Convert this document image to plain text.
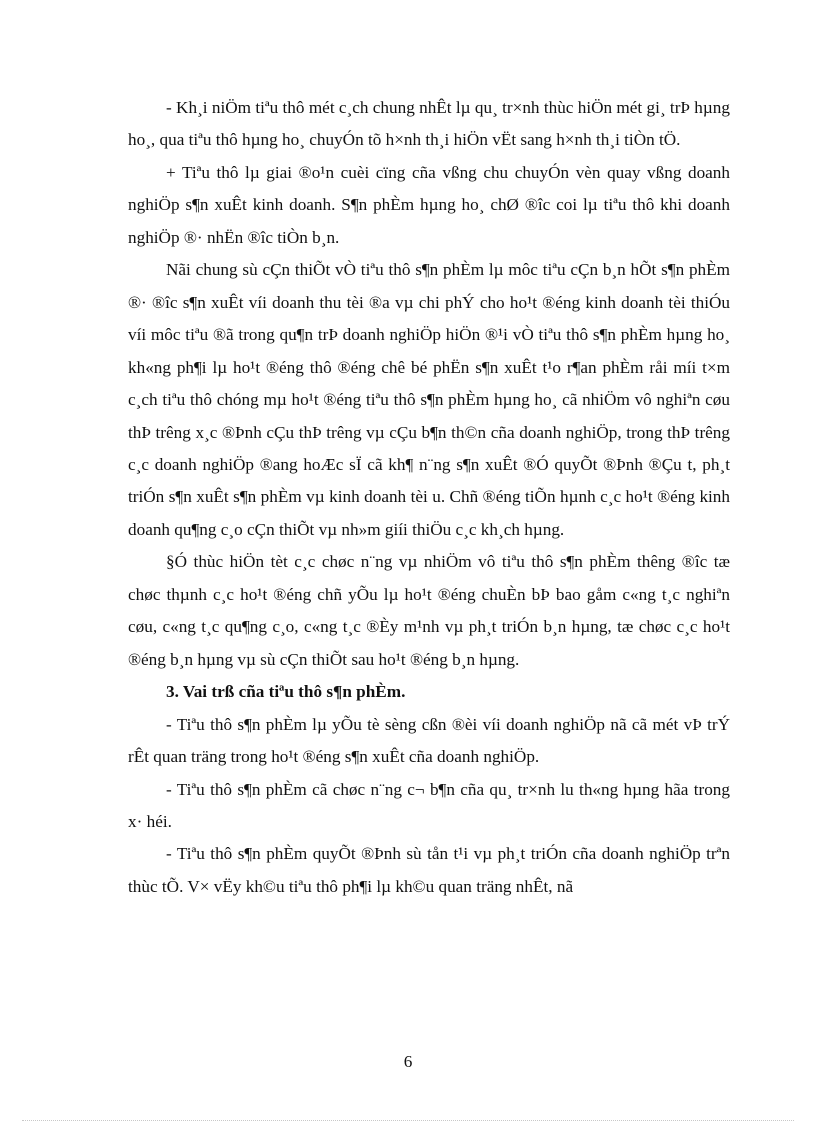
- Kh¸i niÖm tiªu thô mét c¸ch chung nhÊt lµ qu¸ tr×nh thùc hiÖn mét gi¸ trÞ hµng ho¸, qua tiªu thô hµng ho¸ chuyÓn tõ h×nh th¸i hiÖn vËt sang h×nh th¸i tiÒn tÖ.

+ Tiªu thô lµ giai ®o¹n cuèi cïng cña vßng chu chuyÓn vèn quay vßng doanh nghiÖp s¶n xuÊt kinh doanh. S¶n phÈm hµng ho¸ chØ ®îc coi lµ tiªu thô khi doanh nghiÖp ®· nhËn ®îc tiÒn b¸n.

Nãi chung sù cÇn thiÕt vÒ tiªu thô s¶n phÈm lµ môc tiªu cÇn b¸n hÕt s¶n phÈm ®· ®îc s¶n xuÊt víi doanh thu tèi ®a vµ chi phÝ cho ho¹t ®éng kinh doanh tèi thiÓu víi môc tiªu ®ã trong qu¶n trÞ doanh nghiÖp hiÖn ®¹i vÒ tiªu thô s¶n phÈm hµng ho¸ kh«ng ph¶i lµ ho¹t ®éng thô ®éng chê bé phËn s¶n xuÊt t¹o r¶an phÈm råi míi t×m c¸ch tiªu thô chóng mµ ho¹t ®éng tiªu thô s¶n phÈm hµng ho¸ cã nhiÖm vô nghiªn cøu thÞ trêng x¸c ®Þnh cÇu thÞ trêng vµ cÇu b¶n th©n cña doanh nghiÖp, trong thÞ trêng c¸c doanh nghiÖp ®ang hoÆc sÏ cã kh¶ n¨ng s¶n xuÊt ®Ó quyÕt ®Þnh ®Çu t, ph¸t triÓn s¶n xuÊt s¶n phÈm vµ kinh doanh tèi u. Chñ ®éng tiÕn hµnh c¸c ho¹t ®éng kinh doanh qu¶ng c¸o cÇn thiÕt vµ nh»m giíi thiÖu c¸c kh¸ch hµng.

§Ó thùc hiÖn tèt c¸c chøc n¨ng vµ nhiÖm vô tiªu thô s¶n phÈm thêng ®îc tæ chøc thµnh c¸c ho¹t ®éng chñ yÕu lµ ho¹t ®éng chuÈn bÞ bao gåm c«ng t¸c nghiªn cøu, c«ng t¸c qu¶ng c¸o, c«ng t¸c ®Èy m¹nh vµ ph¸t triÓn b¸n hµng, tæ chøc c¸c ho¹t ®éng b¸n hµng vµ sù cÇn thiÕt sau ho¹t ®éng b¸n hµng.

3. Vai trß cña tiªu thô s¶n phÈm.

- Tiªu thô s¶n phÈm lµ yÕu tè sèng cßn ®èi víi doanh nghiÖp nã cã mét vÞ trÝ rÊt quan träng trong ho¹t ®éng s¶n xuÊt cña doanh nghiÖp.

- Tiªu thô s¶n phÈm cã chøc n¨ng c¬ b¶n cña qu¸ tr×nh lu th«ng hµng hãa trong x· héi.

- Tiªu thô s¶n phÈm quyÕt ®Þnh sù tån t¹i vµ ph¸t triÓn cña doanh nghiÖp trªn thùc tÕ. V× vËy kh©u tiªu thô ph¶i lµ kh©u quan träng nhÊt, nã

6
